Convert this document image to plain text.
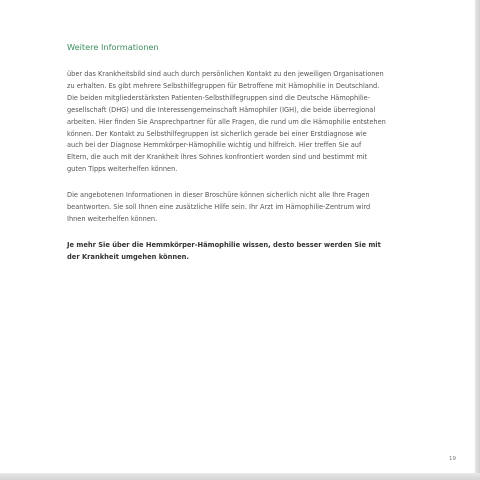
Weitere Informationen

über das Krankheitsbild sind auch durch persönlichen Kontakt zu den jeweiligen Organisationen
zu erhalten. Es gibt mehrere Selbsthilfegruppen für Betroffene mit Hämophilie in Deutschland.
Die beiden mitgliederstärksten Patienten-Selbsthilfegruppen sind die Deutsche Hämophilie-
gesellschaft (DHG) und die Interessengemeinschaft Hämophiler (IGH), die beide überregional
arbeiten. Hier finden Sie Ansprechpartner für alle Fragen, die rund um die Hämophilie entstehen
können. Der Kontakt zu Selbsthilfegruppen ist sicherlich gerade bei einer Erstdiagnose wie
auch bei der Diagnose Hemmkörper-Hämophilie wichtig und hilfreich. Hier treffen Sie auf
Eltern, die auch mit der Krankheit ihres Sohnes konfrontiert worden sind und bestimmt mit
guten Tipps weiterhelfen können.

Die angebotenen Informationen in dieser Broschüre können sicherlich nicht alle Ihre Fragen
beantworten. Sie soll Ihnen eine zusätzliche Hilfe sein. Ihr Arzt im Hämophilie-Zentrum wird
Ihnen weiterhelfen können.

Je mehr Sie über die Hemmkörper-Hämophilie wissen, desto besser werden Sie mit
der Krankheit umgehen können.

19
